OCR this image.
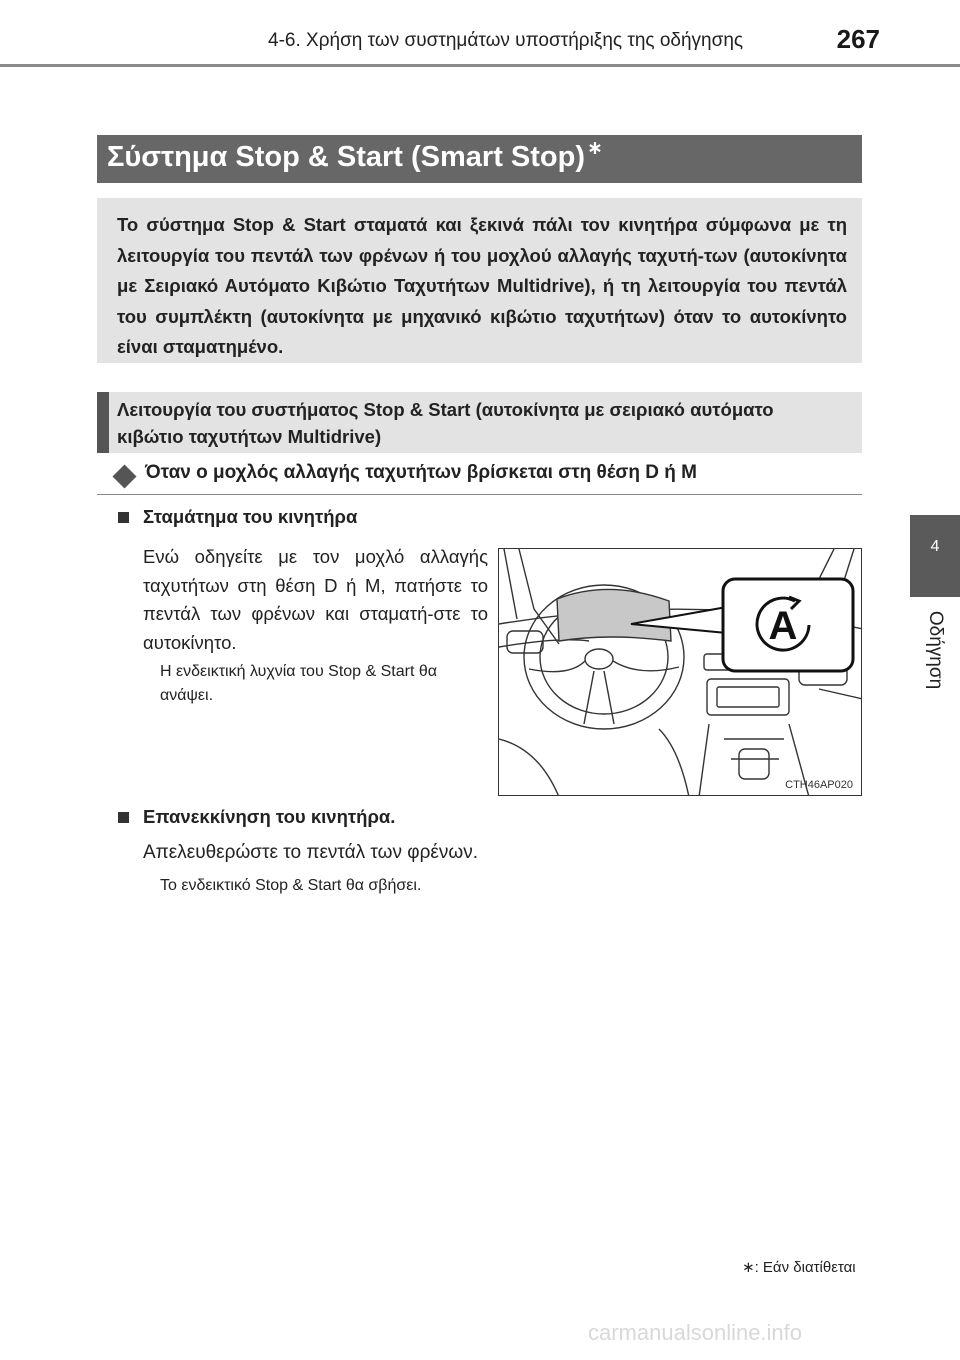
4-6. Χρήση των συστημάτων υποστήριξης της οδήγησης	267
4
Οδήγηση
Σύστημα Stop & Start (Smart Stop) ∗
Το σύστημα Stop & Start σταματά και ξεκινά πάλι τον κινητήρα σύμφωνα με τη λειτουργία του πεντάλ των φρένων ή του μοχλού αλλαγής ταχυτή-των (αυτοκίνητα με Σειριακό Αυτόματο Κιβώτιο Ταχυτήτων Multidrive), ή τη λειτουργία του πεντάλ του συμπλέκτη (αυτοκίνητα με μηχανικό κιβώτιο ταχυτήτων) όταν το αυτοκίνητο είναι σταματημένο.
Λειτουργία του συστήματος Stop & Start (αυτοκίνητα με σειριακό αυτόματο κιβώτιο ταχυτήτων Multidrive)
Όταν ο μοχλός αλλαγής ταχυτήτων βρίσκεται στη θέση D ή M
Σταμάτημα του κινητήρα
Ενώ οδηγείτε με τον μοχλό αλλαγής ταχυτήτων στη θέση D ή M, πατήστε το πεντάλ των φρένων και σταματή-στε το αυτοκίνητο.
Η ενδεικτική λυχνία του Stop & Start θα ανάψει.
A
CTH46AP020
Επανεκκίνηση του κινητήρα.
Απελευθερώστε το πεντάλ των φρένων.
Το ενδεικτικό Stop & Start θα σβήσει.
∗: Εάν διατίθεται
carmanualsonline.info
